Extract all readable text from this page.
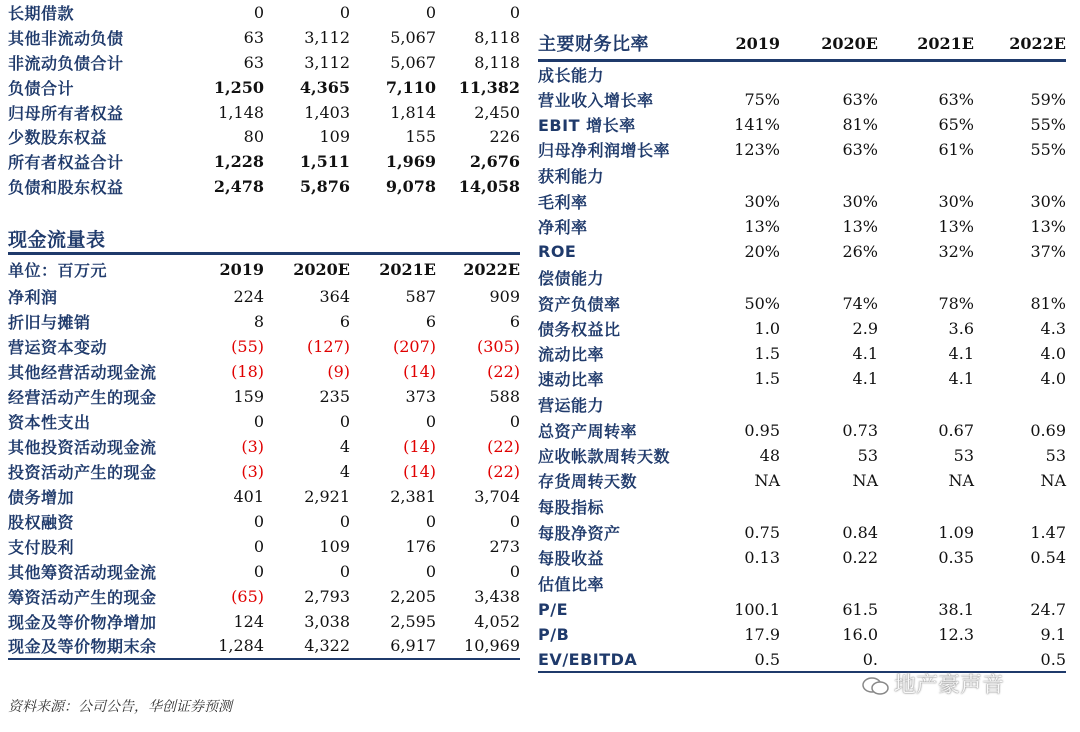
长期借款	0	0	0	0
其他非流动负债	63	3,112	5,067	8,118
非流动负债合计	63	3,112	5,067	8,118
负债合计	1,250	4,365	7,110	11,382
归母所有者权益	1,148	1,403	1,814	2,450
少数股东权益	80	109	155	226
所有者权益合计	1,228	1,511	1,969	2,676
负债和股东权益	2,478	5,876	9,078	14,058
现金流量表				
单位：百万元	2019	2020E	2021E	2022E
净利润	224	364	587	909
折旧与摊销	8	6	6	6
营运资本变动	(55)	(127)	(207)	(305)
其他经营活动现金流	(18)	(9)	(14)	(22)
经营活动产生的现金	159	235	373	588
资本性支出	0	0	0	0
其他投资活动现金流	(3)	4	(14)	(22)
投资活动产生的现金	(3)	4	(14)	(22)
债务增加	401	2,921	2,381	3,704
股权融资	0	0	0	0
支付股利	0	109	176	273
其他筹资活动现金流	0	0	0	0
筹资活动产生的现金	(65)	2,793	2,205	3,438
现金及等价物净增加	124	3,038	2,595	4,052
现金及等价物期末余	1,284	4,322	6,917	10,969
主要财务比率	2019	2020E	2021E	2022E
成长能力				
营业收入增长率	75%	63%	63%	59%
EBIT 增长率	141%	81%	65%	55%
归母净利润增长率	123%	63%	61%	55%
获利能力				
毛利率	30%	30%	30%	30%
净利率	13%	13%	13%	13%
ROE	20%	26%	32%	37%
偿债能力				
资产负债率	50%	74%	78%	81%
债务权益比	1.0	2.9	3.6	4.3
流动比率	1.5	4.1	4.1	4.0
速动比率	1.5	4.1	4.1	4.0
营运能力				
总资产周转率	0.95	0.73	0.67	0.69
应收帐款周转天数	48	53	53	53
存货周转天数	NA	NA	NA	NA
每股指标				
每股净资产	0.75	0.84	1.09	1.47
每股收益	0.13	0.22	0.35	0.54
估值比率				
P/E	100.1	61.5	38.1	24.7
P/B	17.9	16.0	12.3	9.1
EV/EBITDA	0.5	0.		0.5
资料来源：公司公告，华创证券预测
地产豪声音
